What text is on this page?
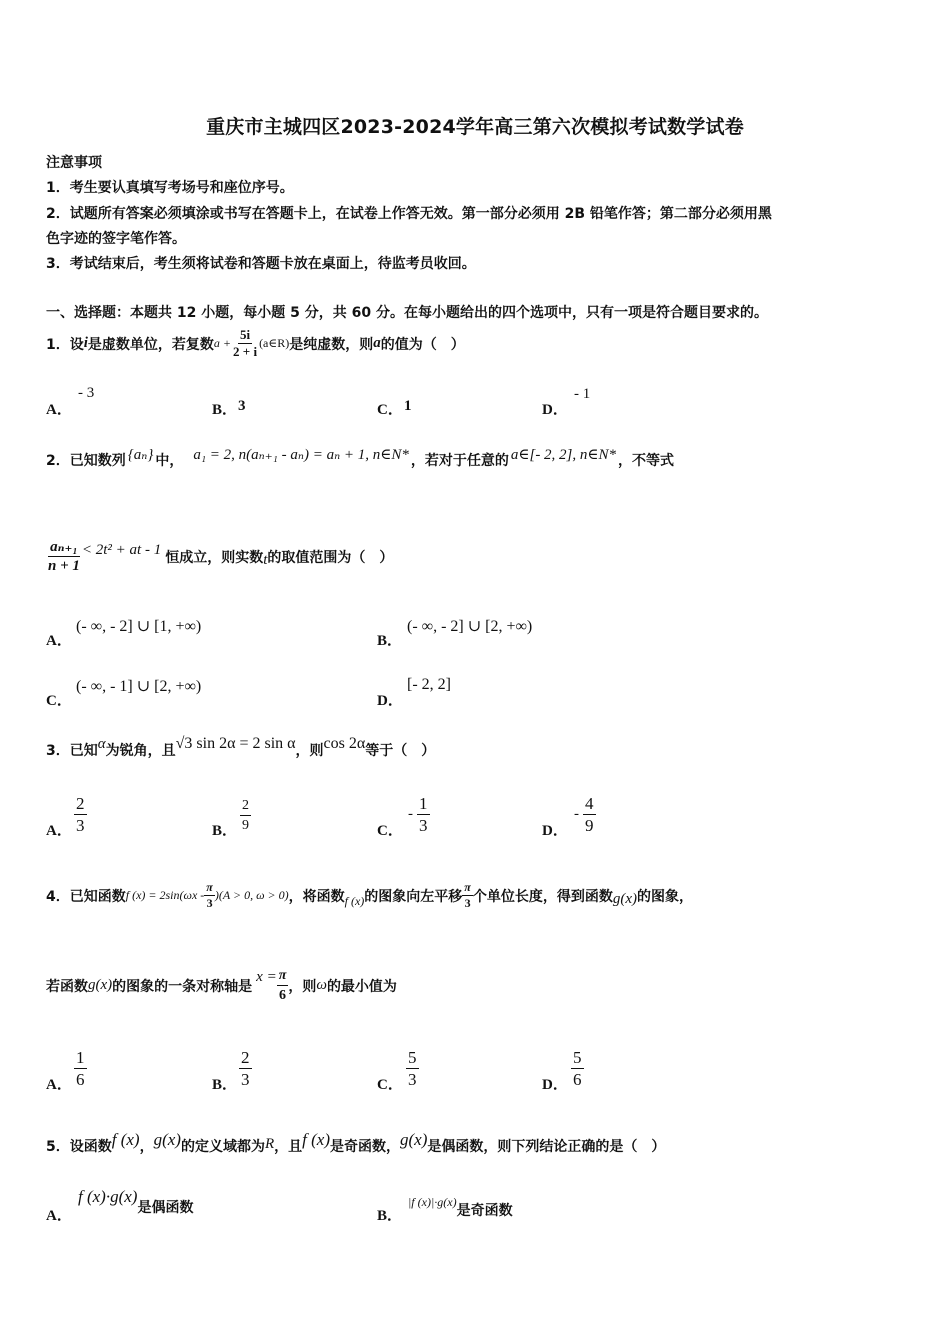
重庆市主城四区2023-2024学年高三第六次模拟考试数学试卷
注意事项
1．考生要认真填写考场号和座位序号。
2．试题所有答案必须填涂或书写在答题卡上，在试卷上作答无效。第一部分必须用 2B 铅笔作答；第二部分必须用黑
色字迹的签字笔作答。
3．考试结束后，考生须将试卷和答题卡放在桌面上，待监考员收回。
一、选择题：本题共 12 小题，每小题 5 分，共 60 分。在每小题给出的四个选项中，只有一项是符合题目要求的。
1．设 i 是虚数单位，若复数 $a + \frac{5i}{2 + i}$ (a∈R) 是纯虚数，则 a 的值为（　）
A．
- 3
B． 3	C． 1	D．
- 1
2．已知数列 {aₙ} 中， a₁ = 2, n(aₙ₊₁ - aₙ) = aₙ + 1, n∈N* ，若对于任意的 a∈[- 2, 2], n∈N* ，不等式
$\frac{\text{aₙ₊₁}}{n + 1} < 2t^2$ + at - 1 恒成立，则实数 t 的取值范围为（　）
A．
(- ∞, - 2] ∪ [1, +∞)
B．
(- ∞, - 2] ∪ [2, +∞)
C．
(- ∞, - 1] ∪ [2, +∞)
D．
[- 2, 2]
3．已知 α 为锐角，且 √3 sin 2α = 2 sin α ，则 cos 2α 等于（　）
A． $\frac{2}{3}$	B． $\frac{2}{9}$	C．
- $\frac{1}{3}$	D．
- $\frac{4}{9}$
4．已知函数 f $(x) = 2\sin(\omega x - \frac{\pi}{3} )(A > 0$, ω > 0) ，将函数 f (x) 的图象向左平移 $\frac{\pi}{3}$ 个单位长度，得到函数 g(x) 的图象，
若函数 g(x) 的图象的一条对称轴是
$x = \frac{\pi}{6}$ ，则 ω 的最小值为
A． $\frac{1}{6}$	B． $\frac{2}{3}$	C． $\frac{5}{3}$	D． $\frac{5}{6}$
5．设函数 f (x) ， g(x) 的定义域都为 R ，且 f (x) 是奇函数， g(x) 是偶函数，则下列结论正确的是（　）
A．
f (x)·g(x)
是偶函数	B．
|f (x)|·g(x)
是奇函数
